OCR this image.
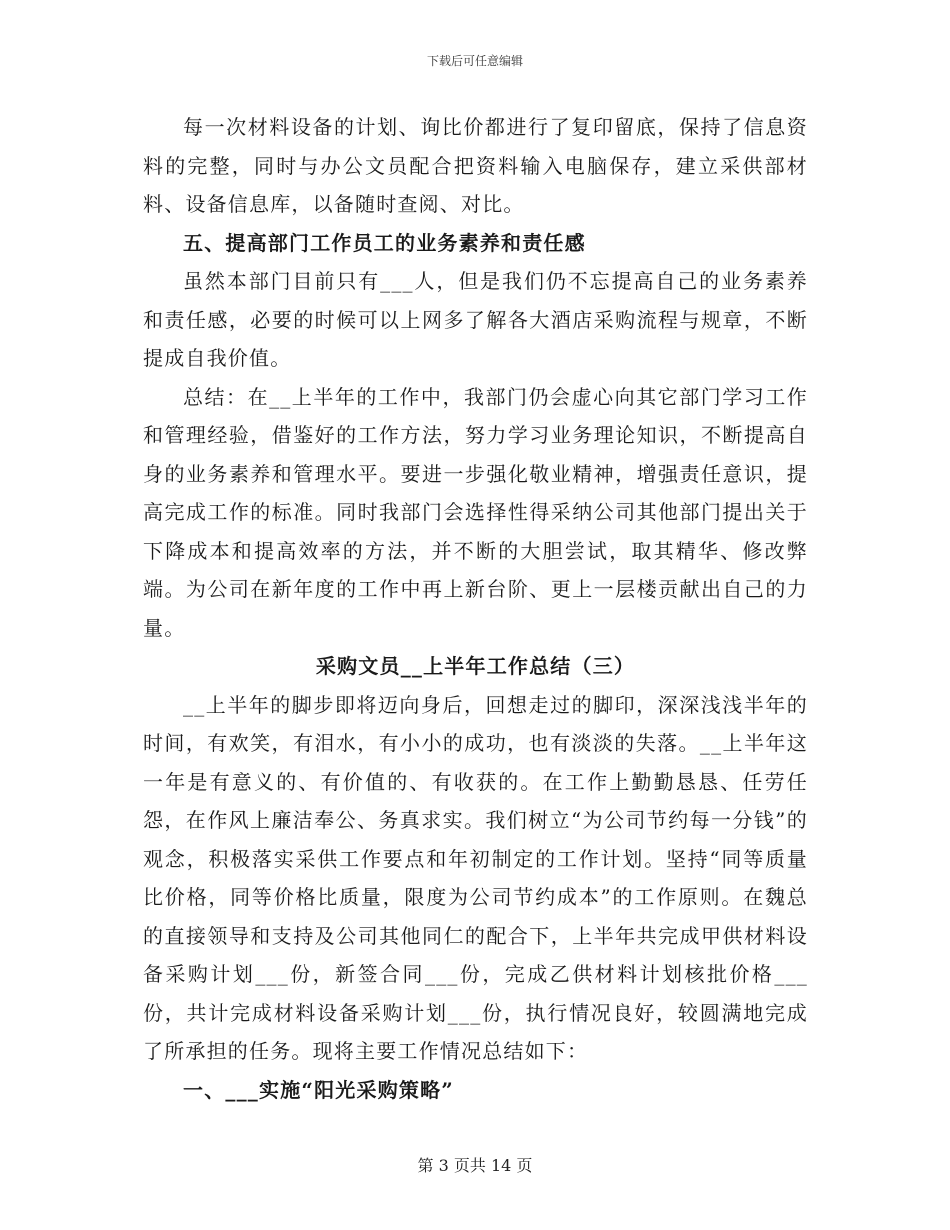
下载后可任意编辑

每一次材料设备的计划、询比价都进行了复印留底，保持了信息资料的完整，同时与办公文员配合把资料输入电脑保存，建立采供部材料、设备信息库，以备随时查阅、对比。

五、提高部门工作员工的业务素养和责任感

虽然本部门目前只有___人，但是我们仍不忘提高自己的业务素养和责任感，必要的时候可以上网多了解各大酒店采购流程与规章，不断提成自我价值。

总结：在__上半年的工作中，我部门仍会虚心向其它部门学习工作和管理经验，借鉴好的工作方法，努力学习业务理论知识，不断提高自身的业务素养和管理水平。要进一步强化敬业精神，增强责任意识，提高完成工作的标准。同时我部门会选择性得采纳公司其他部门提出关于下降成本和提高效率的方法，并不断的大胆尝试，取其精华、修改弊端。为公司在新年度的工作中再上新台阶、更上一层楼贡献出自己的力量。

采购文员__上半年工作总结（三）

__上半年的脚步即将迈向身后，回想走过的脚印，深深浅浅半年的时间，有欢笑，有泪水，有小小的成功，也有淡淡的失落。__上半年这一年是有意义的、有价值的、有收获的。在工作上勤勤恳恳、任劳任怨，在作风上廉洁奉公、务真求实。我们树立“为公司节约每一分钱”的观念，积极落实采供工作要点和年初制定的工作计划。坚持“同等质量比价格，同等价格比质量，限度为公司节约成本”的工作原则。在魏总的直接领导和支持及公司其他同仁的配合下，上半年共完成甲供材料设备采购计划___份，新签合同___份，完成乙供材料计划核批价格___份，共计完成材料设备采购计划___份，执行情况良好，较圆满地完成了所承担的任务。现将主要工作情况总结如下：

一、___实施“阳光采购策略”

第 3 页共 14 页
